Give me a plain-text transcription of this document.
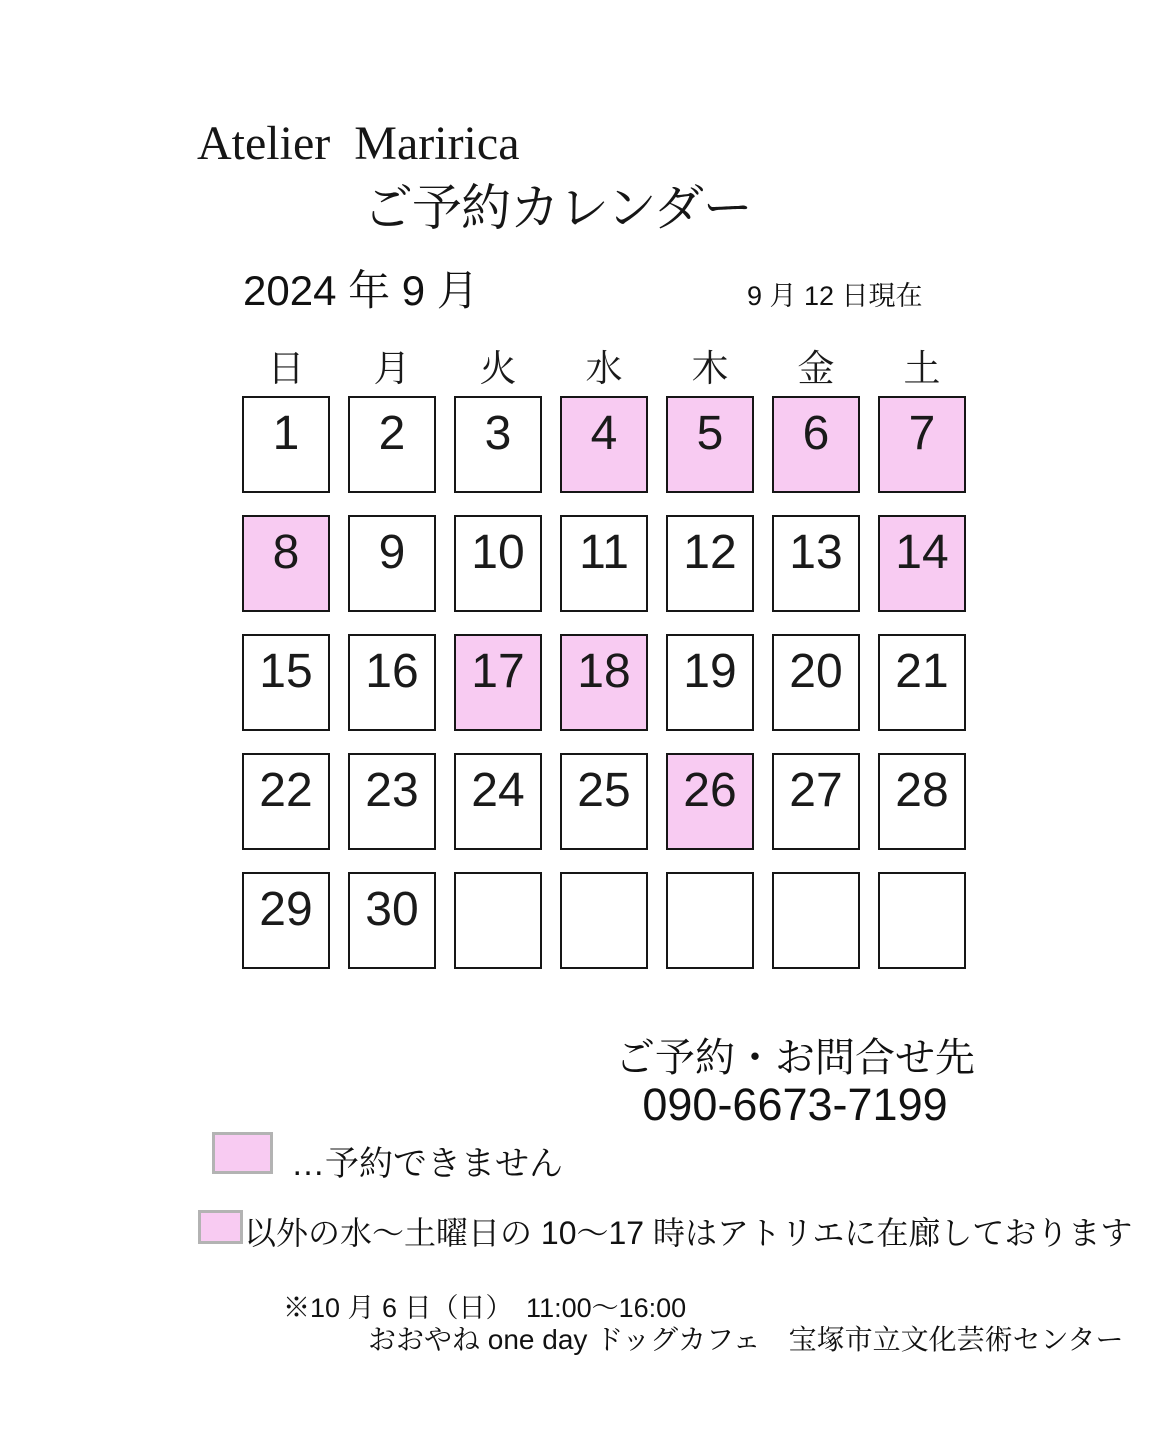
Atelier  Maririca
ご予約カレンダー
2024 年 9 月	9 月 12 日現在
日	月	火	水	木	金	土
1	2	3	4	5	6	7
8	9	10	11	12	13	14
15	16	17	18	19	20	21
22	23	24	25	26	27	28
29	30
ご予約・お問合せ先
090-6673-7199
…予約できません
以外の水〜土曜日の 10〜17 時はアトリエに在廊しております
※10 月 6 日（日）　11:00〜16:00
おおやね one day ドッグカフェ　宝塚市立文化芸術センター
